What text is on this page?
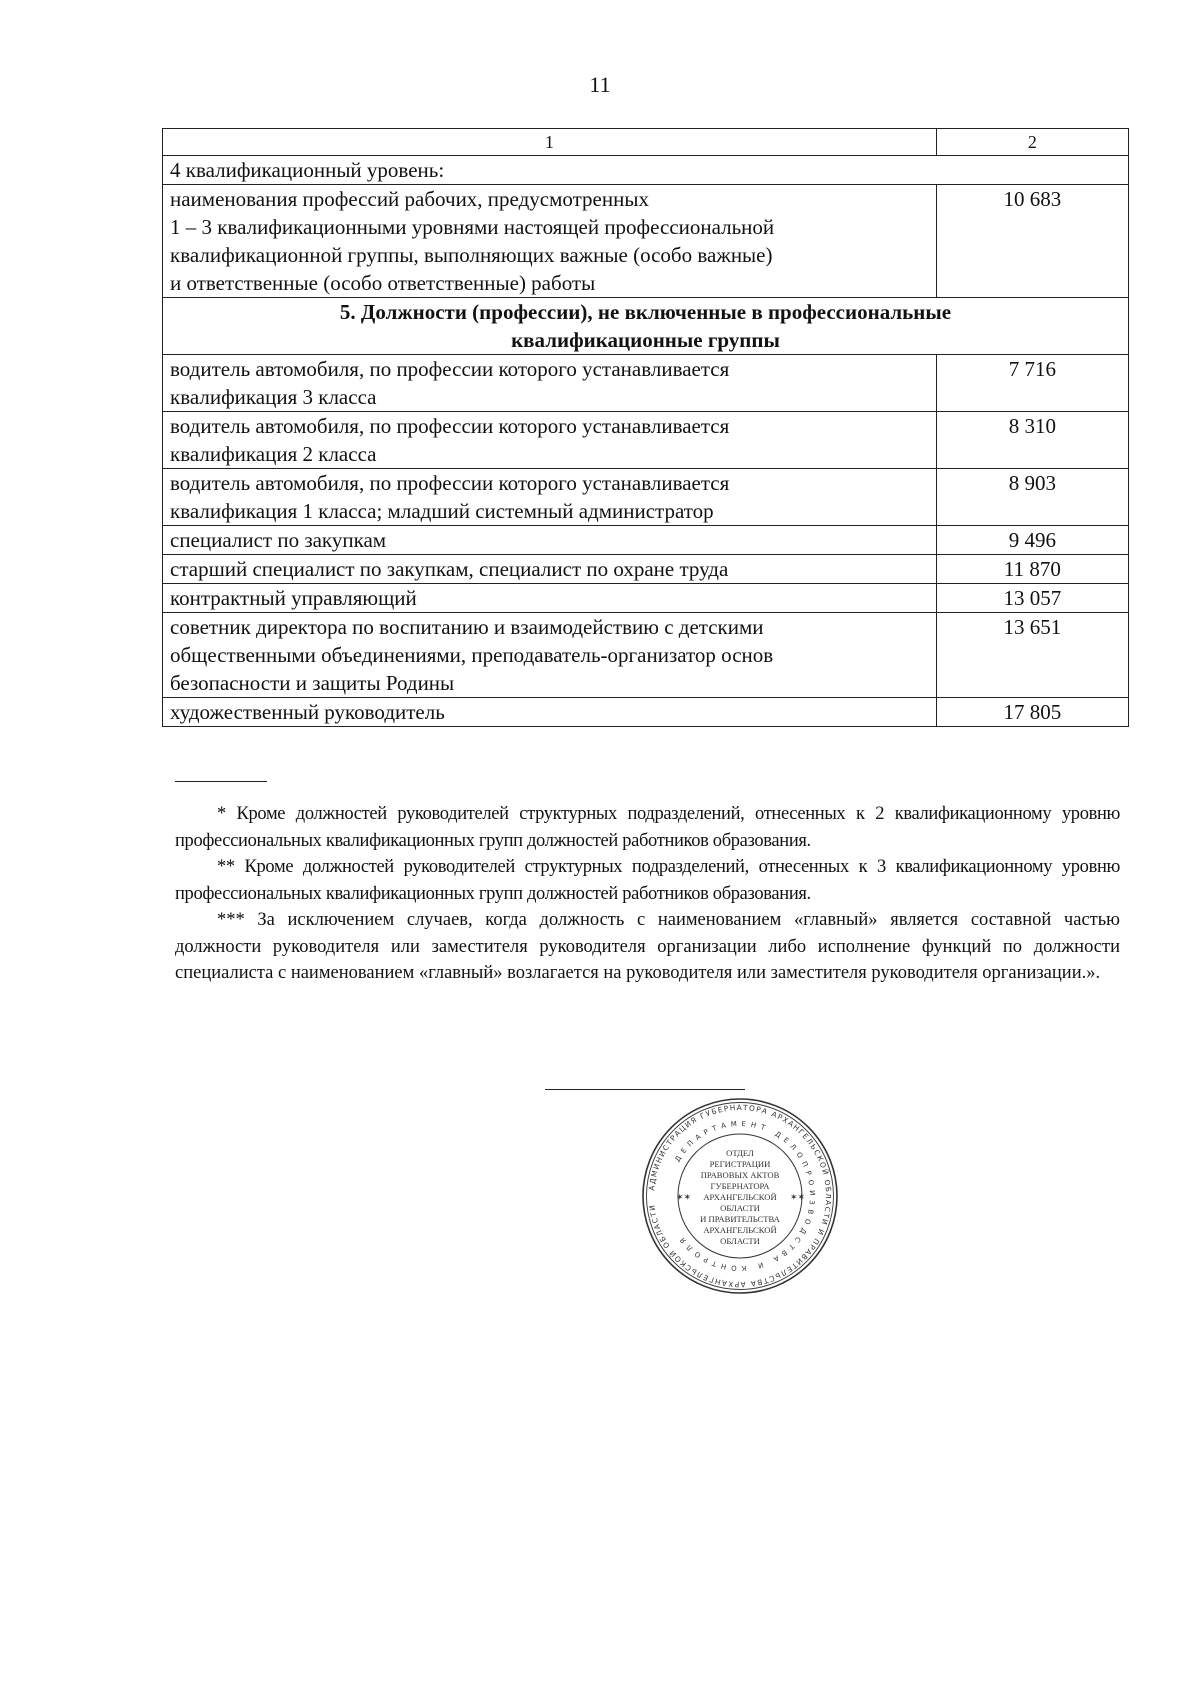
11
1	2
4 квалификационный уровень:	
наименования профессий рабочих, предусмотренных
1 – 3 квалификационными уровнями настоящей профессиональной
квалификационной группы, выполняющих важные (особо важные)
и ответственные (особо ответственные) работы	10 683
5. Должности (профессии), не включенные в профессиональные
квалификационные группы	
водитель автомобиля, по профессии которого устанавливается
квалификация 3 класса	7 716
водитель автомобиля, по профессии которого устанавливается
квалификация 2 класса	8 310
водитель автомобиля, по профессии которого устанавливается
квалификация 1 класса; младший системный администратор	8 903
специалист по закупкам	9 496
старший специалист по закупкам, специалист по охране труда	11 870
контрактный управляющий	13 057
советник директора по воспитанию и взаимодействию с детскими
общественными объединениями, преподаватель-организатор основ
безопасности и защиты Родины	13 651
художественный руководитель	17 805

* Кроме должностей руководителей структурных подразделений, отнесенных к 2 квалификационному уровню профессиональных квалификационных групп должностей работников образования.

** Кроме должностей руководителей структурных подразделений, отнесенных к 3 квалификационному уровню профессиональных квалификационных групп должностей работников образования.

*** За исключением случаев, когда должность с наименованием «главный» является составной частью должности руководителя или заместителя руководителя организации либо исполнение функций по должности специалиста с наименованием «главный» возлагается на руководителя или заместителя руководителя организации.».

АДМИНИСТРАЦИЯ ГУБЕРНАТОРА АРХАНГЕЛЬСКОЙ ОБЛАСТИ И ПРАВИТЕЛЬСТВА АРХАНГЕЛЬСКОЙ ОБЛАСТИ
ДЕПАРТАМЕНТ ДЕЛОПРОИЗВОДСТВА И КОНТРОЛЯ
✶✶	✶✶
ОТДЕЛ
РЕГИСТРАЦИИ
ПРАВОВЫХ АКТОВ
ГУБЕРНАТОРА
АРХАНГЕЛЬСКОЙ
ОБЛАСТИ
И ПРАВИТЕЛЬСТВА
АРХАНГЕЛЬСКОЙ
ОБЛАСТИ
